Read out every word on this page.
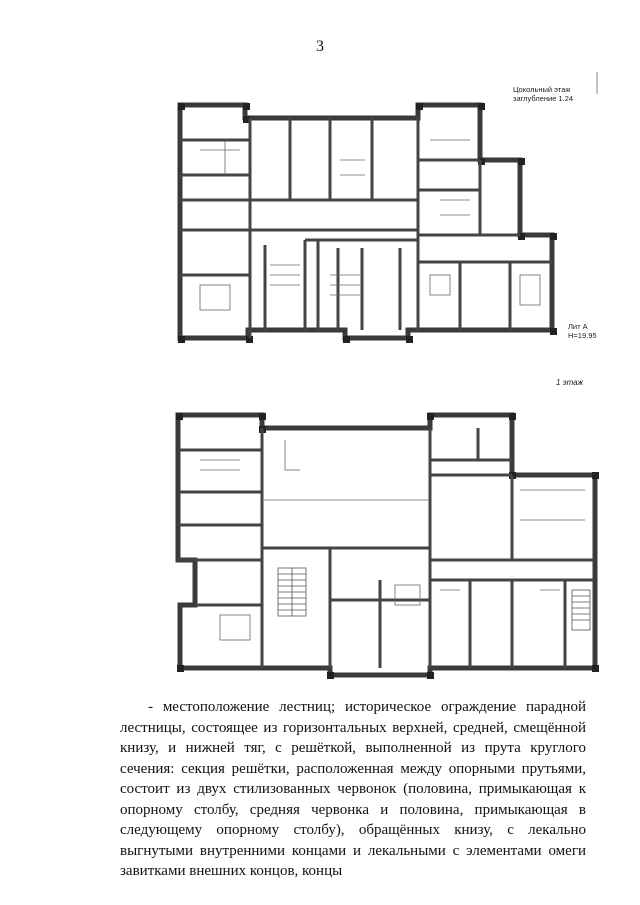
3
Цокольный этаж
заглубление 1.24
Лит А
Н=19.95
1 этаж

- местоположение лестниц; историческое ограждение парадной лестницы, состоящее из горизонтальных верхней, средней, смещённой книзу, и нижней тяг, с решёткой, выполненной из прута круглого сечения: секция решётки, расположенная между опорными прутьями, состоит из двух стилизованных червонок (половина, примыкающая к опорному столбу, средняя червонка и половина, примыкающая в следующему опорному столбу), обращённых книзу, с лекально выгнутыми внутренними концами и лекальными с элементами омеги завитками внешних концов, концы
